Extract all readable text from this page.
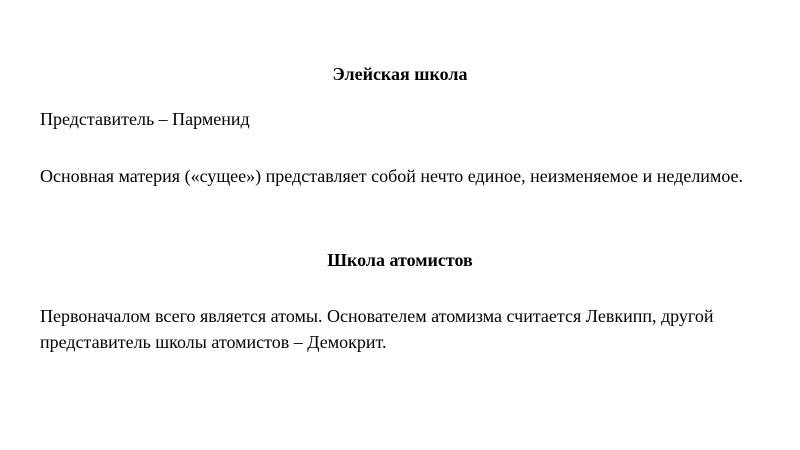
Элейская школа
Представитель – Парменид
Основная материя («сущее») представляет собой нечто единое, неизменяемое и неделимое.
Школа атомистов
Первоначалом всего является атомы. Основателем атомизма считается Левкипп, другой представитель школы атомистов – Демокрит.
